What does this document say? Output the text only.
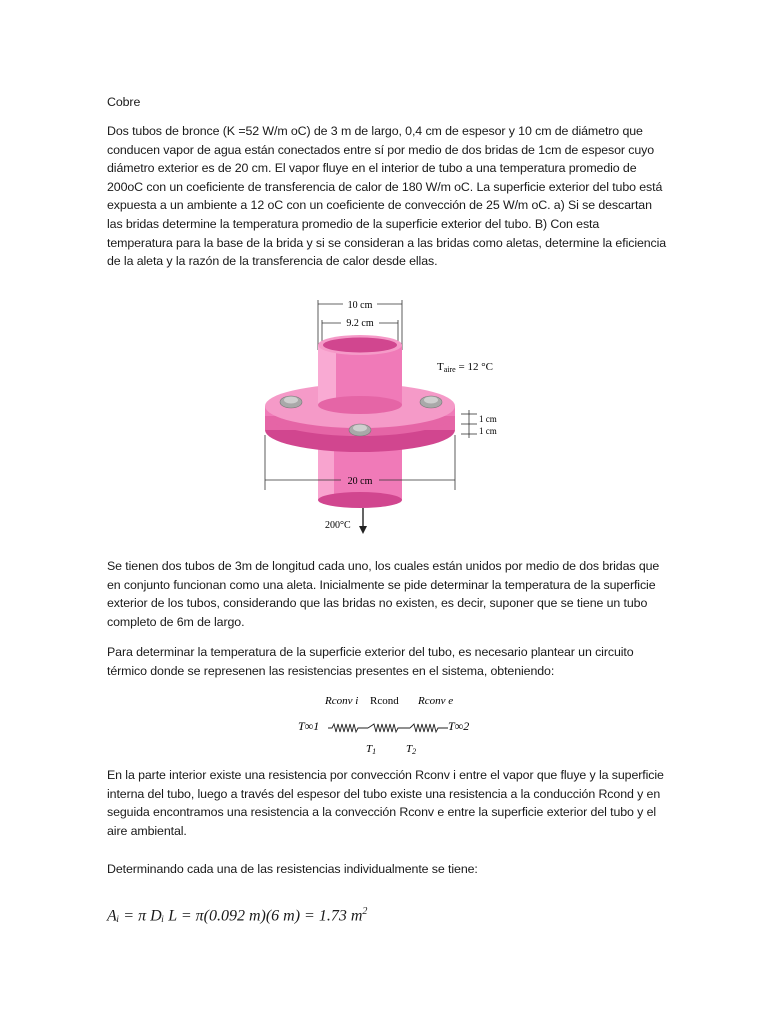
Cobre

Dos tubos de bronce (K =52 W/m oC) de 3 m de largo, 0,4 cm de espesor y 10 cm de diámetro que conducen vapor de agua están conectados entre sí por medio de dos bridas de 1cm de espesor cuyo diámetro exterior es de 20 cm. El vapor fluye en el interior de tubo a una temperatura promedio de 200oC con un coeficiente de transferencia de calor de 180 W/m oC. La superficie exterior del tubo está expuesta a un ambiente a 12 oC con un coeficiente de convección de 25 W/m oC. a) Si se descartan las bridas determine la temperatura promedio de la superficie exterior del tubo. B) Con esta temperatura para la base de la brida y si se consideran a las bridas como aletas, determine la eficiencia de la aleta y la razón de la transferencia de calor desde ellas.

10 cm
9.2 cm
Taire = 12 °C
1 cm
1 cm
20 cm
200°C

Se tienen dos tubos de 3m de longitud cada uno, los cuales están unidos por medio de dos bridas que en conjunto funcionan como una aleta. Inicialmente se pide determinar la temperatura de la superficie exterior de los tubos, considerando que las bridas no existen, es decir, suponer que se tiene un tubo completo de 6m de largo.

Para determinar la temperatura de la superficie exterior del tubo, es necesario plantear un circuito térmico donde se represenen las resistencias presentes en el sistema, obteniendo:

Rconv i Rcond Rconv e
T∞1	T∞2
T1	T2

En la parte interior existe una resistencia por convección Rconv i entre el vapor que fluye y la superficie interna del tubo, luego a través del espesor del tubo existe una resistencia a la conducción Rcond y en seguida encontramos una resistencia a la convección Rconv e entre la superficie exterior del tubo y el aire ambiental.

Determinando cada una de las resistencias individualmente se tiene:

Aᵢ = π Dᵢ L = π(0.092 m)(6 m) = 1.73 $m^2$
